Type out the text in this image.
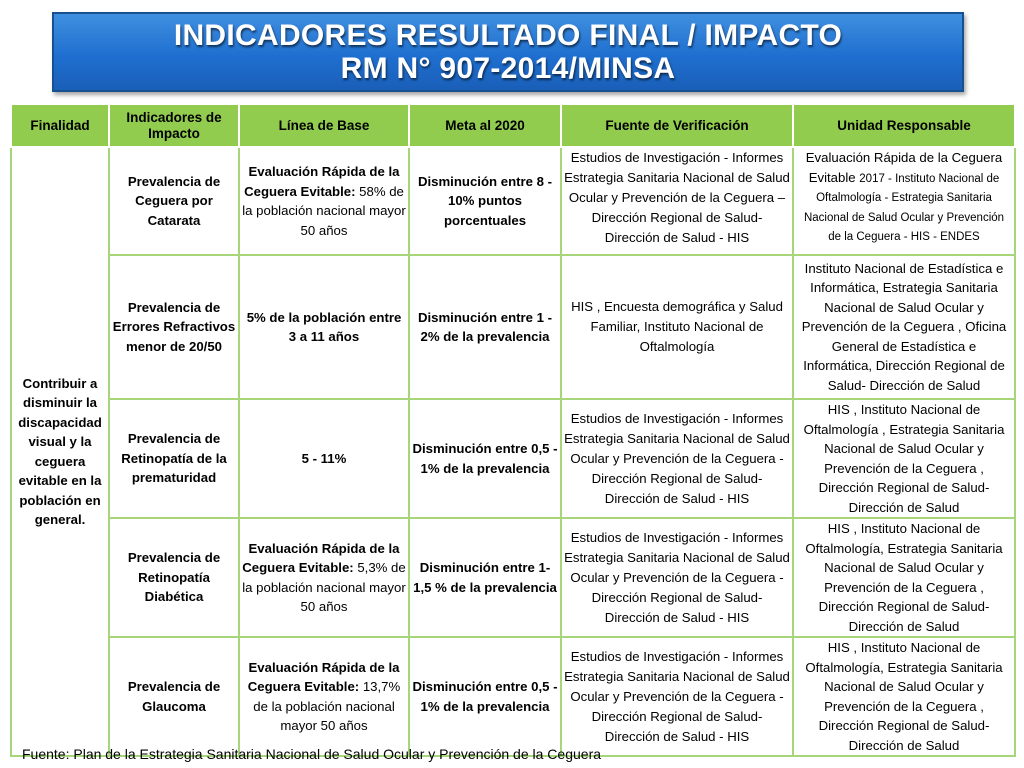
INDICADORES RESULTADO FINAL / IMPACTO
RM N° 907-2014/MINSA
Finalidad	Indicadores de Impacto	Línea de Base	Meta al 2020	Fuente de Verificación	Unidad Responsable
Contribuir a disminuir la discapacidad visual y la ceguera evitable en la población en general.	Prevalencia de Ceguera por Catarata	Evaluación Rápida de la Ceguera Evitable: 58% de la población nacional mayor 50 años	Disminución entre 8 - 10% puntos porcentuales	Estudios de Investigación - Informes Estrategia Sanitaria Nacional de Salud Ocular y Prevención de la Ceguera – Dirección Regional de Salud- Dirección de Salud - HIS	Evaluación Rápida de la Ceguera Evitable 2017 - Instituto Nacional de Oftalmología - Estrategia Sanitaria Nacional de Salud Ocular y Prevención de la Ceguera - HIS - ENDES
	Prevalencia de Errores Refractivos menor de 20/50	5% de la población entre 3 a 11 años	Disminución entre 1 - 2% de la prevalencia	HIS , Encuesta demográfica y Salud Familiar, Instituto Nacional de Oftalmología	Instituto Nacional de Estadística e Informática, Estrategia Sanitaria Nacional de Salud Ocular y Prevención de la Ceguera , Oficina General de Estadística e Informática, Dirección Regional de Salud- Dirección de Salud
	Prevalencia de Retinopatía de la prematuridad	5 - 11%	Disminución entre 0,5 - 1% de la prevalencia	Estudios de Investigación - Informes Estrategia Sanitaria Nacional de Salud Ocular y Prevención de la Ceguera - Dirección Regional de Salud- Dirección de Salud - HIS	HIS , Instituto Nacional de Oftalmología , Estrategia Sanitaria Nacional de Salud Ocular y Prevención de la Ceguera , Dirección Regional de Salud- Dirección de Salud
	Prevalencia de Retinopatía Diabética	Evaluación Rápida de la Ceguera Evitable: 5,3% de la población nacional mayor 50 años	Disminución entre 1- 1,5 % de la prevalencia	Estudios de Investigación - Informes Estrategia Sanitaria Nacional de Salud Ocular y Prevención de la Ceguera - Dirección Regional de Salud- Dirección de Salud - HIS	HIS , Instituto Nacional de Oftalmología, Estrategia Sanitaria Nacional de Salud Ocular y Prevención de la Ceguera , Dirección Regional de Salud- Dirección de Salud
	Prevalencia de Glaucoma	Evaluación Rápida de la Ceguera Evitable: 13,7% de la población nacional mayor 50 años	Disminución entre 0,5 - 1% de la prevalencia	Estudios de Investigación - Informes Estrategia Sanitaria Nacional de Salud Ocular y Prevención de la Ceguera - Dirección Regional de Salud- Dirección de Salud - HIS	HIS , Instituto Nacional de Oftalmología, Estrategia Sanitaria Nacional de Salud Ocular y Prevención de la Ceguera , Dirección Regional de Salud- Dirección de Salud
Fuente: Plan de la Estrategia Sanitaria Nacional de Salud Ocular y Prevención de la Ceguera
